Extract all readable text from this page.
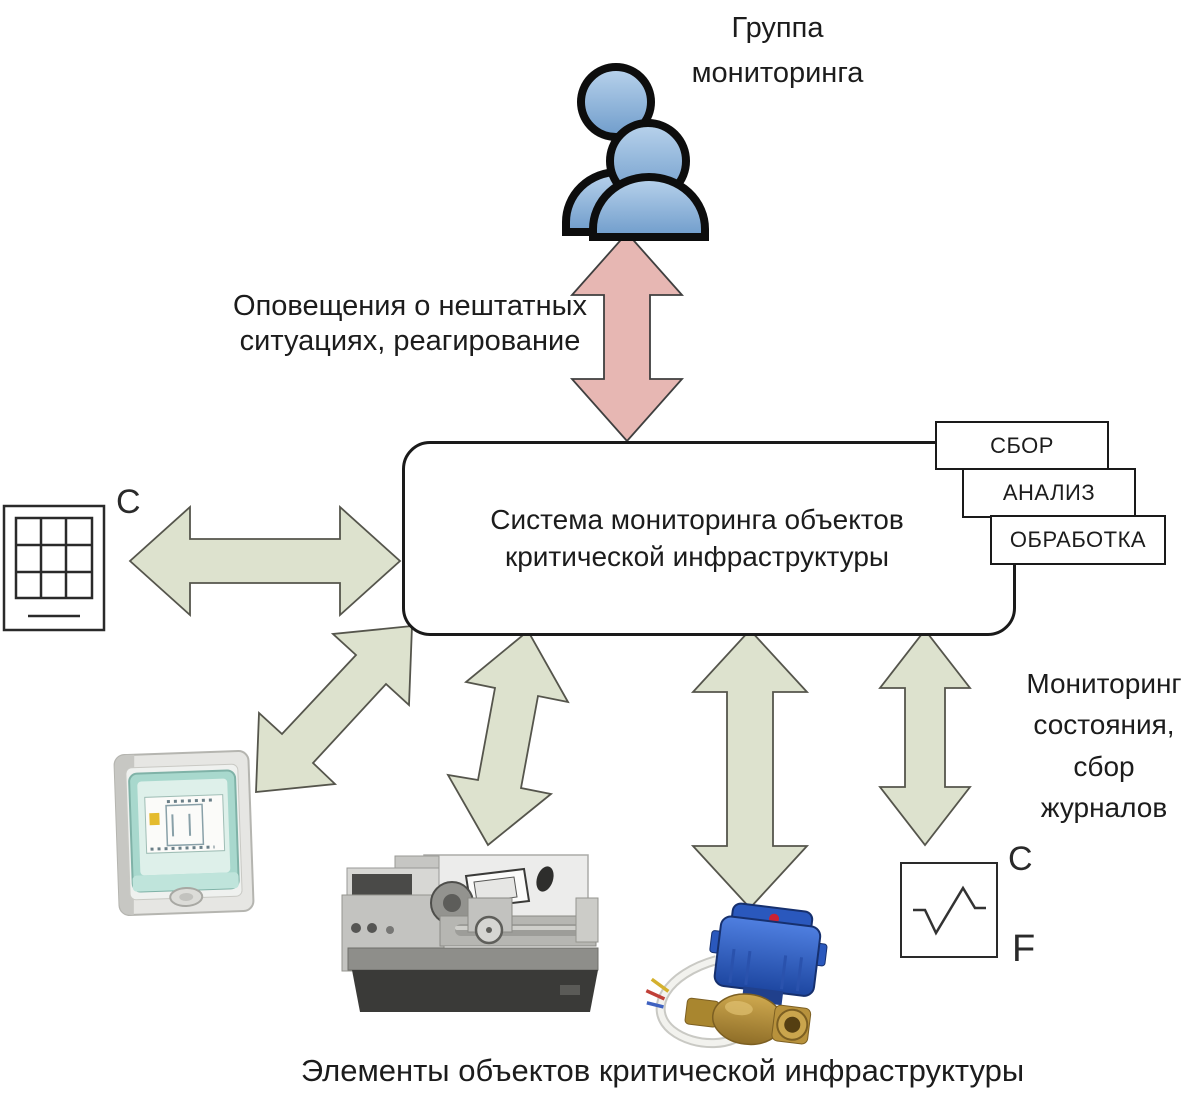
Группа
мониторинга
Оповещения о нештатных
ситуациях, реагирование
Система мониторинга объектов
критической инфраструктуры
СБОР
АНАЛИЗ
ОБРАБОТКА
С
Мониторинг
состояния,
сбор
журналов
С
F
Элементы объектов критической инфраструктуры
